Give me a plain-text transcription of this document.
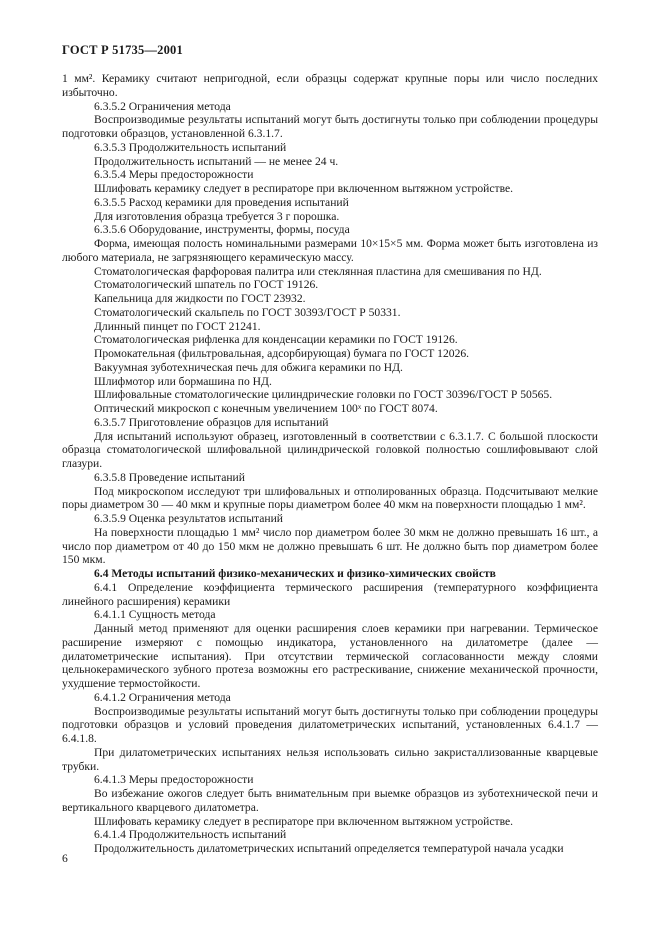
ГОСТ Р 51735—2001

1 мм². Керамику считают непригодной, если образцы содержат крупные поры или число последних избыточно.

6.3.5.2 Ограничения метода

Воспроизводимые результаты испытаний могут быть достигнуты только при соблюдении процедуры подготовки образцов, установленной 6.3.1.7.

6.3.5.3 Продолжительность испытаний

Продолжительность испытаний — не менее 24 ч.

6.3.5.4 Меры предосторожности

Шлифовать керамику следует в респираторе при включенном вытяжном устройстве.

6.3.5.5 Расход керамики для проведения испытаний

Для изготовления образца требуется 3 г порошка.

6.3.5.6 Оборудование, инструменты, формы, посуда

Форма, имеющая полость номинальными размерами 10×15×5 мм. Форма может быть изготовлена из любого материала, не загрязняющего керамическую массу.

Стоматологическая фарфоровая палитра или стеклянная пластина для смешивания по НД.

Стоматологический шпатель по ГОСТ 19126.

Капельница для жидкости по ГОСТ 23932.

Стоматологический скальпель по ГОСТ 30393/ГОСТ Р 50331.

Длинный пинцет по ГОСТ 21241.

Стоматологическая рифленка для конденсации керамики по ГОСТ 19126.

Промокательная (фильтровальная, адсорбирующая) бумага по ГОСТ 12026.

Вакуумная зуботехническая печь для обжига керамики по НД.

Шлифмотор или бормашина по НД.

Шлифовальные стоматологические цилиндрические головки по ГОСТ 30396/ГОСТ Р 50565.

Оптический микроскоп с конечным увеличением 100ˣ по ГОСТ 8074.

6.3.5.7 Приготовление образцов для испытаний

Для испытаний используют образец, изготовленный в соответствии с 6.3.1.7. С большой плоскости образца стоматологической шлифовальной цилиндрической головкой полностью сошлифовывают слой глазури.

6.3.5.8 Проведение испытаний

Под микроскопом исследуют три шлифовальных и отполированных образца. Подсчитывают мелкие поры диаметром 30 — 40 мкм и крупные поры диаметром более 40 мкм на поверхности площадью 1 мм².

6.3.5.9 Оценка результатов испытаний

На поверхности площадью 1 мм² число пор диаметром более 30 мкм не должно превышать 16 шт., а число пор диаметром от 40 до 150 мкм не должно превышать 6 шт. Не должно быть пор диаметром более 150 мкм.

6.4 Методы испытаний физико-механических и физико-химических свойств

6.4.1 Определение коэффициента термического расширения (температурного коэффициента линейного расширения) керамики

6.4.1.1 Сущность метода

Данный метод применяют для оценки расширения слоев керамики при нагревании. Термическое расширение измеряют с помощью индикатора, установленного на дилатометре (далее — дилатометрические испытания). При отсутствии термической согласованности между слоями цельнокерамического зубного протеза возможны его растрескивание, снижение механической прочности, ухудшение термостойкости.

6.4.1.2 Ограничения метода

Воспроизводимые результаты испытаний могут быть достигнуты только при соблюдении процедуры подготовки образцов и условий проведения дилатометрических испытаний, установленных 6.4.1.7 — 6.4.1.8.

При дилатометрических испытаниях нельзя использовать сильно закристаллизованные кварцевые трубки.

6.4.1.3 Меры предосторожности

Во избежание ожогов следует быть внимательным при выемке образцов из зуботехнической печи и вертикального кварцевого дилатометра.

Шлифовать керамику следует в респираторе при включенном вытяжном устройстве.

6.4.1.4 Продолжительность испытаний

Продолжительность дилатометрических испытаний определяется температурой начала усадки

6
